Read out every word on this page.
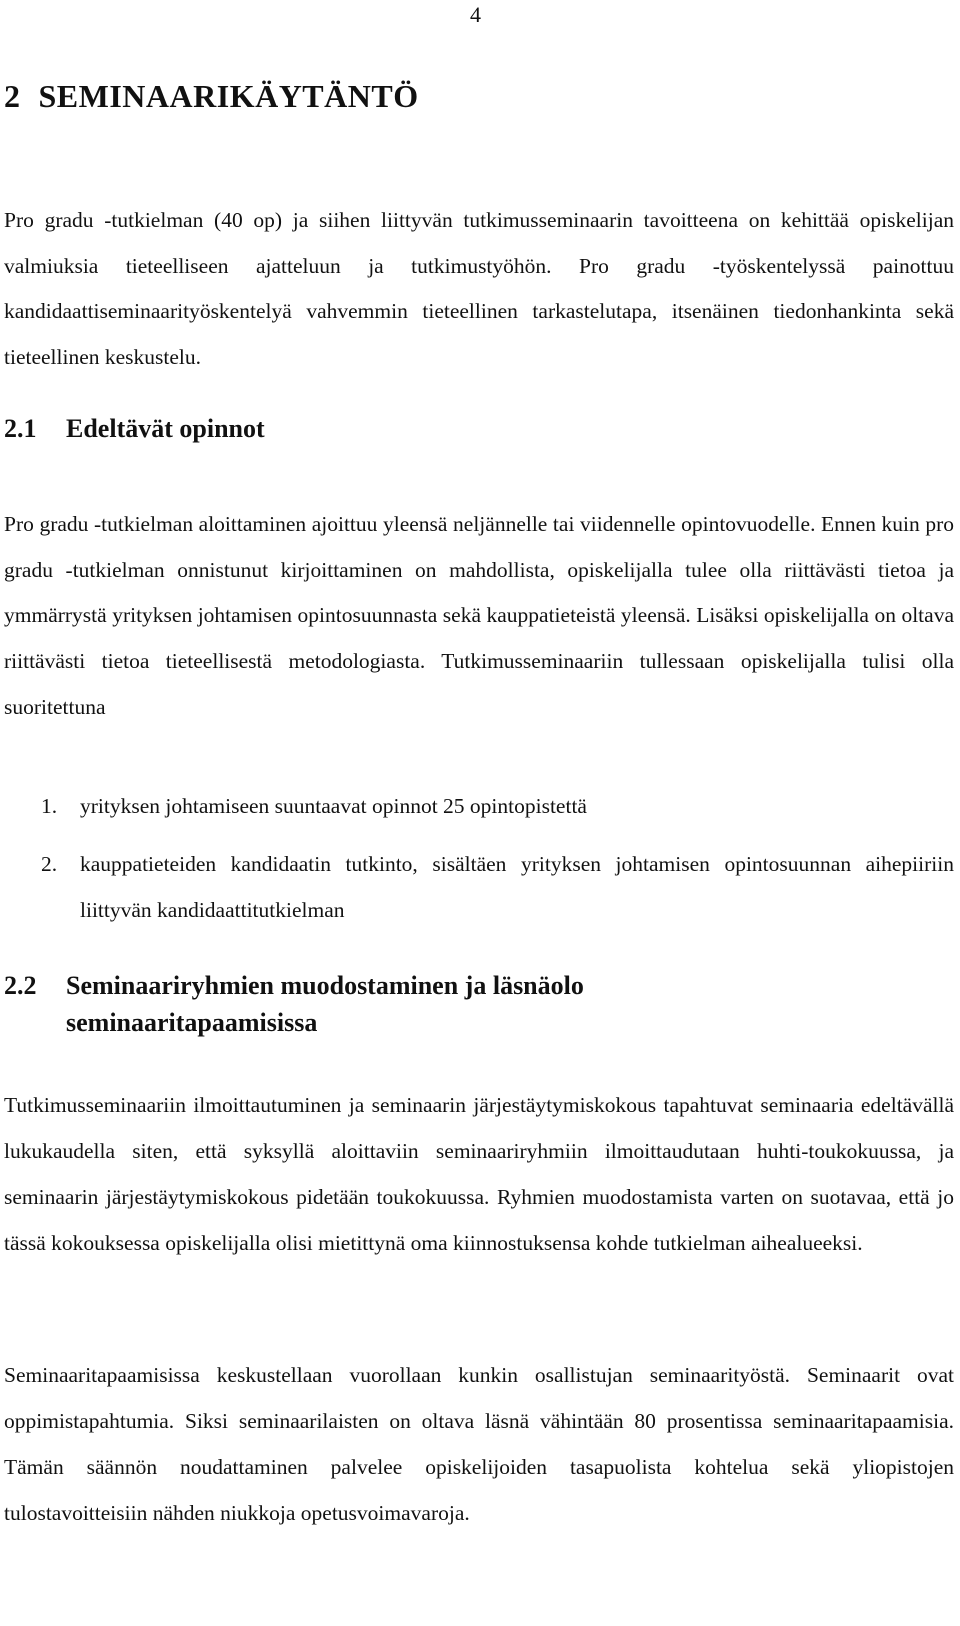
4
2 SEMINAARIKÄYTÄNTÖ

Pro gradu -tutkielman (40 op) ja siihen liittyvän tutkimusseminaarin tavoitteena on kehittää opiskelijan valmiuksia tieteelliseen ajatteluun ja tutkimustyöhön. Pro gradu -työskentelyssä painottuu kandidaattiseminaarityöskentelyä vahvemmin tieteellinen tarkastelutapa, itsenäinen tiedonhankinta sekä tieteellinen keskustelu.

2.1 Edeltävät opinnot

Pro gradu -tutkielman aloittaminen ajoittuu yleensä neljännelle tai viidennelle opintovuodelle. Ennen kuin pro gradu -tutkielman onnistunut kirjoittaminen on mahdollista, opiskelijalla tulee olla riittävästi tietoa ja ymmärrystä yrityksen johtamisen opintosuunnasta sekä kauppatieteistä yleensä. Lisäksi opiskelijalla on oltava riittävästi tietoa tieteellisestä metodologiasta. Tutkimusseminaariin tullessaan opiskelijalla tulisi olla suoritettuna

1. yrityksen johtamiseen suuntaavat opinnot 25 opintopistettä
2. kauppatieteiden kandidaatin tutkinto, sisältäen yrityksen johtamisen opintosuunnan aihepiiriin liittyvän kandidaattitutkielman
2.2 Seminaariryhmien muodostaminen ja läsnäolo
seminaaritapaamisissa

Tutkimusseminaariin ilmoittautuminen ja seminaarin järjestäytymiskokous tapahtuvat seminaaria edeltävällä lukukaudella siten, että syksyllä aloittaviin seminaariryhmiin ilmoittaudutaan huhti-toukokuussa, ja seminaarin järjestäytymiskokous pidetään toukokuussa. Ryhmien muodostamista varten on suotavaa, että jo tässä kokouksessa opiskelijalla olisi mietittynä oma kiinnostuksensa kohde tutkielman aihealueeksi.

Seminaaritapaamisissa keskustellaan vuorollaan kunkin osallistujan seminaarityöstä. Seminaarit ovat oppimistapahtumia. Siksi seminaarilaisten on oltava läsnä vähintään 80 prosentissa seminaaritapaamisia. Tämän säännön noudattaminen palvelee opiskelijoiden tasapuolista kohtelua sekä yliopistojen tulostavoitteisiin nähden niukkoja opetusvoimavaroja.
